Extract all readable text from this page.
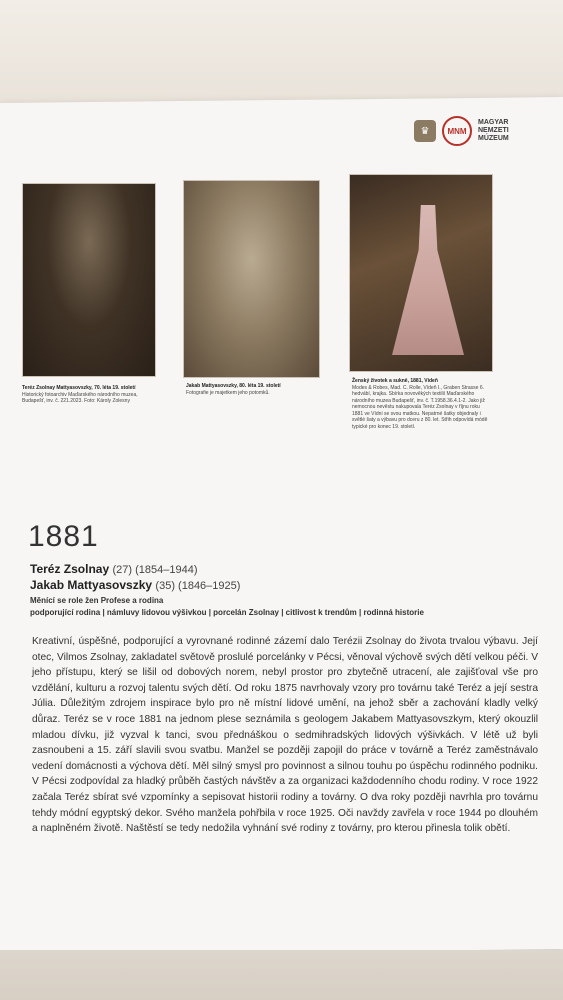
♛	MNM
MAGYAR
NEMZETI
MÚZEUM
Teréz Zsolnay Mattyasovszky, 70. léta 19. století
Historický fotoarchiv Maďarského národního muzea, Budapešť, inv. č. 221.2023. Foto: Károly Zolesny
Jakab Mattyasovszky, 80. léta 19. století
Fotografie je majetkem jeho potomků.
Ženský životek a sukně, 1881, Vídeň
Modes & Robes, Mad. C. Rolle, Vídeň I., Graben Strasse 6. hedvábí, krajka. Sbírka novověkých textilií Maďarského národního muzea Budapešť, inv. č. T.1958.36.4.1-2. Jako již nemocnou nevěstu nakupovala Teréz Zsolnay v říjnu roku 1881 ve Vídni se svou matkou. Nepatrné šatky objednaly i světlé šaty a výbavu pro dceru z 80. let. Střih odpovídá módě typické pro konec 19. století.
1881
Teréz Zsolnay (27) (1854–1944)
Jakab Mattyasovszky (35) (1846–1925)
Měnící se role žen Profese a rodina
podporující rodina | námluvy lidovou výšivkou | porcelán Zsolnay | citlivost k trendům | rodinná historie
Kreativní, úspěšné, podporující a vyrovnané rodinné zázemí dalo Terézii Zsolnay do života trvalou výbavu. Její otec, Vilmos Zsolnay, zakladatel světově proslulé porcelánky v Pécsi, věnoval výchově svých dětí velkou péči. V jeho přístupu, který se lišil od dobových norem, nebyl prostor pro zbytečně utracení, ale zajišťoval vše pro vzdělání, kulturu a rozvoj talentu svých dětí. Od roku 1875 navrhovaly vzory pro továrnu také Teréz a její sestra Júlia. Důležitým zdrojem inspirace bylo pro ně místní lidové umění, na jehož sběr a zachování kladly velký důraz. Teréz se v roce 1881 na jednom plese seznámila s geologem Jakabem Mattyasovszkym, který okouzlil mladou dívku, již vyzval k tanci, svou přednáškou o sedmihradských lidových výšivkách. V létě už byli zasnoubeni a 15. září slavili svou svatbu. Manžel se později zapojil do práce v továrně a Teréz zaměstnávalo vedení domácnosti a výchova dětí. Měl silný smysl pro povinnost a silnou touhu po úspěchu rodinného podniku. V Pécsi zodpovídal za hladký průběh častých návštěv a za organizaci každodenního chodu rodiny. V roce 1922 začala Teréz sbírat své vzpomínky a sepisovat historii rodiny a továrny. O dva roky později navrhla pro továrnu tehdy módní egyptský dekor. Svého manžela pohřbila v roce 1925. Oči navždy zavřela v roce 1944 po dlouhém a naplněném životě. Naštěstí se tedy nedožila vyhnání své rodiny z továrny, pro kterou přinesla tolik obětí.
